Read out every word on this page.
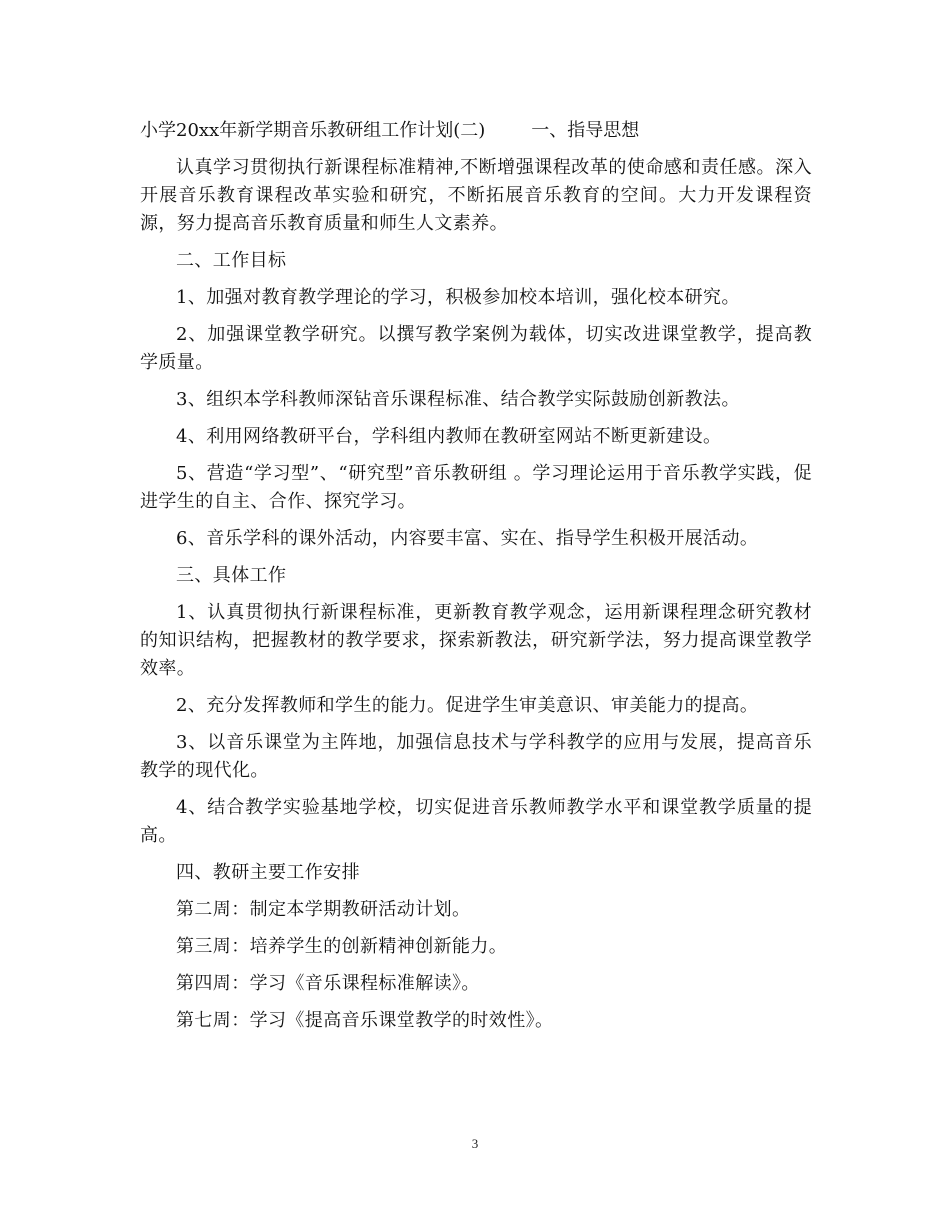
小学20xx年新学期音乐教研组工作计划(二)	一、指导思想

认真学习贯彻执行新课程标准精神,不断增强课程改革的使命感和责任感。深入开展音乐教育课程改革实验和研究，不断拓展音乐教育的空间。大力开发课程资源，努力提高音乐教育质量和师生人文素养。

二、工作目标

1、加强对教育教学理论的学习，积极参加校本培训，强化校本研究。

2、加强课堂教学研究。以撰写教学案例为载体，切实改进课堂教学，提高教学质量。

3、组织本学科教师深钻音乐课程标准、结合教学实际鼓励创新教法。

4、利用网络教研平台，学科组内教师在教研室网站不断更新建设。

5、营造“学习型”、“研究型”音乐教研组 。学习理论运用于音乐教学实践，促进学生的自主、合作、探究学习。

6、音乐学科的课外活动，内容要丰富、实在、指导学生积极开展活动。

三、具体工作

1、认真贯彻执行新课程标准，更新教育教学观念，运用新课程理念研究教材的知识结构，把握教材的教学要求，探索新教法，研究新学法，努力提高课堂教学效率。

2、充分发挥教师和学生的能力。促进学生审美意识、审美能力的提高。

3、以音乐课堂为主阵地，加强信息技术与学科教学的应用与发展，提高音乐教学的现代化。

4、结合教学实验基地学校，切实促进音乐教师教学水平和课堂教学质量的提高。

四、教研主要工作安排

第二周：制定本学期教研活动计划。

第三周：培养学生的创新精神创新能力。

第四周：学习《音乐课程标准解读》。

第七周：学习《提高音乐课堂教学的时效性》。

3
